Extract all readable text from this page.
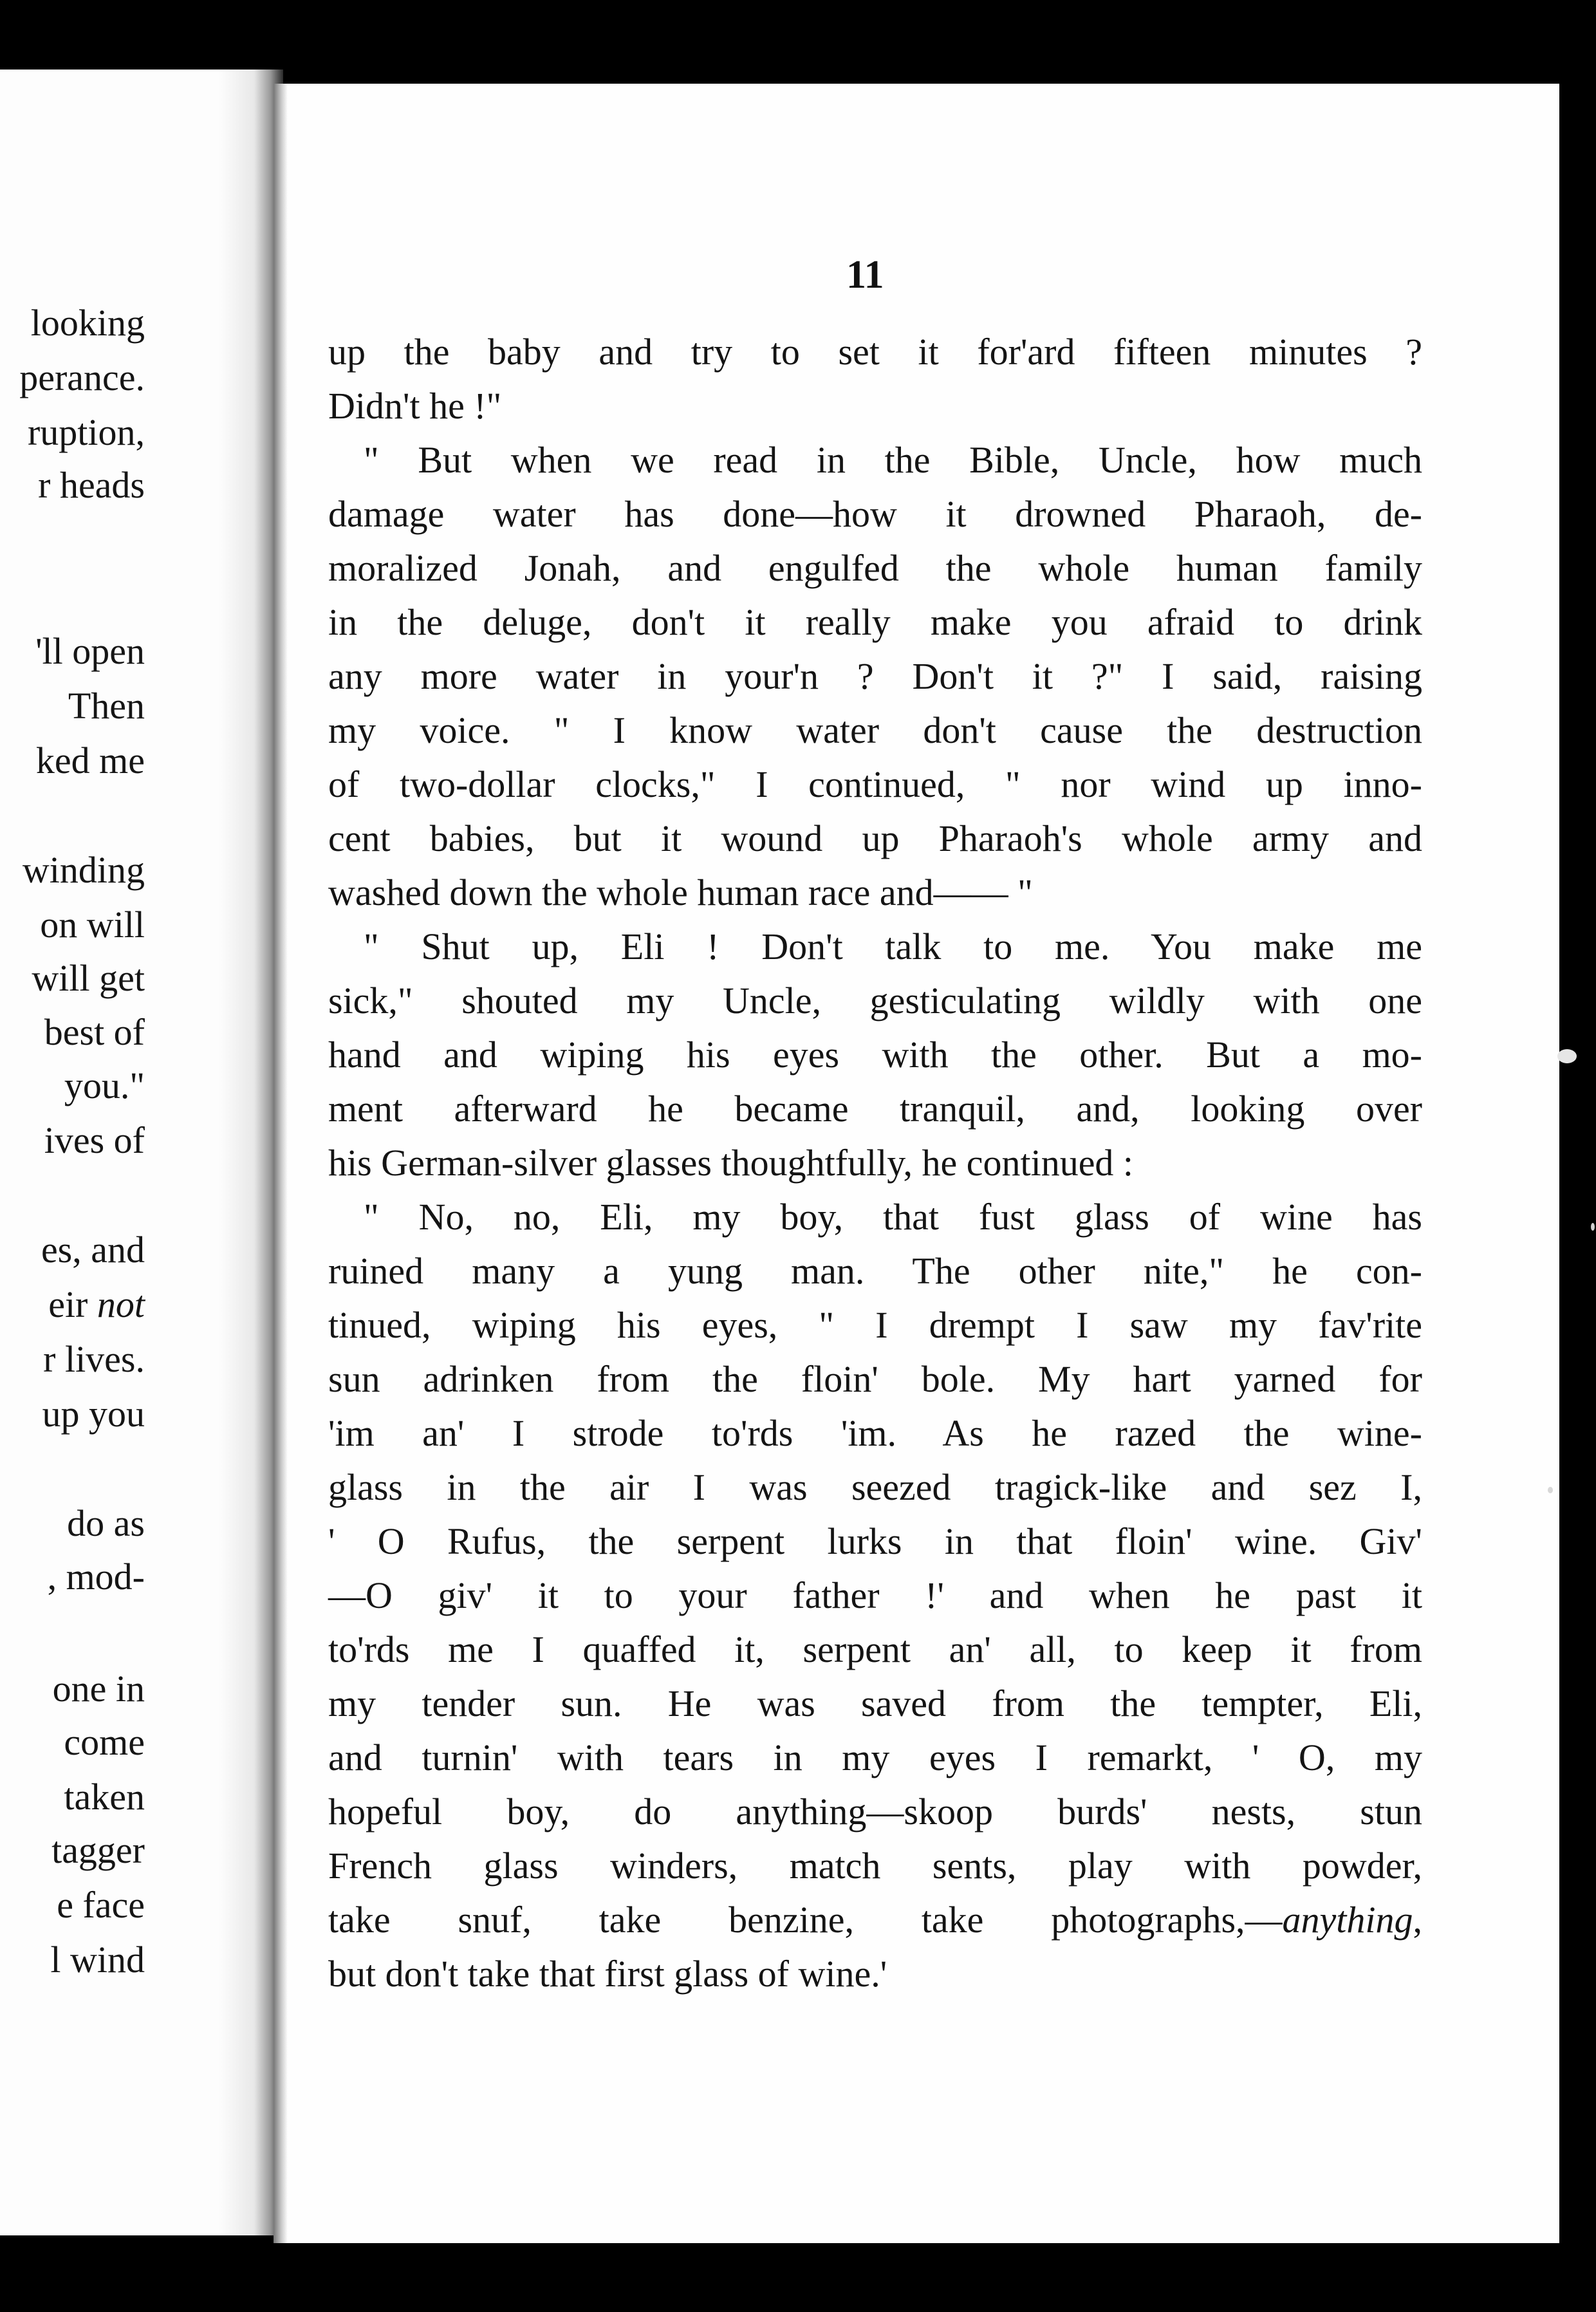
looking
perance.
ruption,
r heads
'll open
Then
ked me
winding
on will
will get
best of
you."
ives of
es, and
eir not
r lives.
up you
do as
, mod-
one in
come
taken
tagger
e face
l wind
11
up the baby and try to set it for'ard fifteen minutes ?
Didn't he !"
" But when we read in the Bible, Uncle, how much
damage water has done—how it drowned Pharaoh, de-
moralized Jonah, and engulfed the whole human family
in the deluge, don't it really make you afraid to drink
any more water in your'n ? Don't it ?" I said, raising
my voice. " I know water don't cause the destruction
of two-dollar clocks," I continued, " nor wind up inno-
cent babies, but it wound up Pharaoh's whole army and
washed down the whole human race and—— "
" Shut up, Eli ! Don't talk to me. You make me
sick," shouted my Uncle, gesticulating wildly with one
hand and wiping his eyes with the other. But a mo-
ment afterward he became tranquil, and, looking over
his German-silver glasses thoughtfully, he continued :
" No, no, Eli, my boy, that fust glass of wine has
ruined many a yung man. The other nite," he con-
tinued, wiping his eyes, " I drempt I saw my fav'rite
sun adrinken from the floin' bole. My hart yarned for
'im an' I strode to'rds 'im. As he razed the wine-
glass in the air I was seezed tragick-like and sez I,
' O Rufus, the serpent lurks in that floin' wine. Giv'
—O giv' it to your father !' and when he past it
to'rds me I quaffed it, serpent an' all, to keep it from
my tender sun. He was saved from the tempter, Eli,
and turnin' with tears in my eyes I remarkt, ' O, my
hopeful boy, do anything—skoop burds' nests, stun
French glass winders, match sents, play with powder,
take snuf, take benzine, take photographs,—anything,
but don't take that first glass of wine.'
